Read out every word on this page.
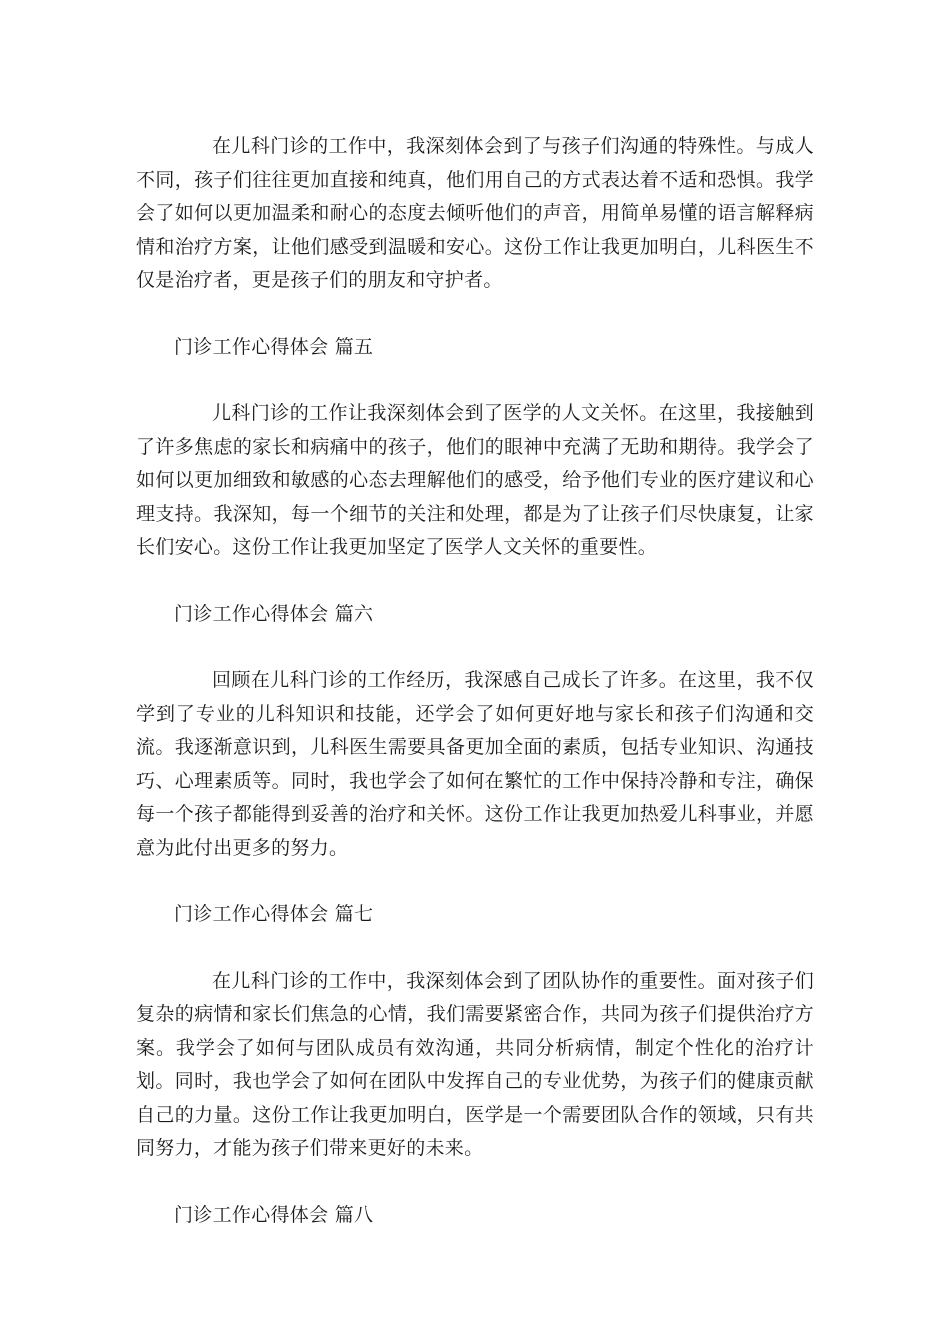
在儿科门诊的工作中，我深刻体会到了与孩子们沟通的特殊性。与成人不同，孩子们往往更加直接和纯真，他们用自己的方式表达着不适和恐惧。我学会了如何以更加温柔和耐心的态度去倾听他们的声音，用简单易懂的语言解释病情和治疗方案，让他们感受到温暖和安心。这份工作让我更加明白，儿科医生不仅是治疗者，更是孩子们的朋友和守护者。

门诊工作心得体会 篇五

儿科门诊的工作让我深刻体会到了医学的人文关怀。在这里，我接触到了许多焦虑的家长和病痛中的孩子，他们的眼神中充满了无助和期待。我学会了如何以更加细致和敏感的心态去理解他们的感受，给予他们专业的医疗建议和心理支持。我深知，每一个细节的关注和处理，都是为了让孩子们尽快康复，让家长们安心。这份工作让我更加坚定了医学人文关怀的重要性。

门诊工作心得体会 篇六

回顾在儿科门诊的工作经历，我深感自己成长了许多。在这里，我不仅学到了专业的儿科知识和技能，还学会了如何更好地与家长和孩子们沟通和交流。我逐渐意识到，儿科医生需要具备更加全面的素质，包括专业知识、沟通技巧、心理素质等。同时，我也学会了如何在繁忙的工作中保持冷静和专注，确保每一个孩子都能得到妥善的治疗和关怀。这份工作让我更加热爱儿科事业，并愿意为此付出更多的努力。

门诊工作心得体会 篇七

在儿科门诊的工作中，我深刻体会到了团队协作的重要性。面对孩子们复杂的病情和家长们焦急的心情，我们需要紧密合作，共同为孩子们提供治疗方案。我学会了如何与团队成员有效沟通，共同分析病情，制定个性化的治疗计划。同时，我也学会了如何在团队中发挥自己的专业优势，为孩子们的健康贡献自己的力量。这份工作让我更加明白，医学是一个需要团队合作的领域，只有共同努力，才能为孩子们带来更好的未来。

门诊工作心得体会 篇八
